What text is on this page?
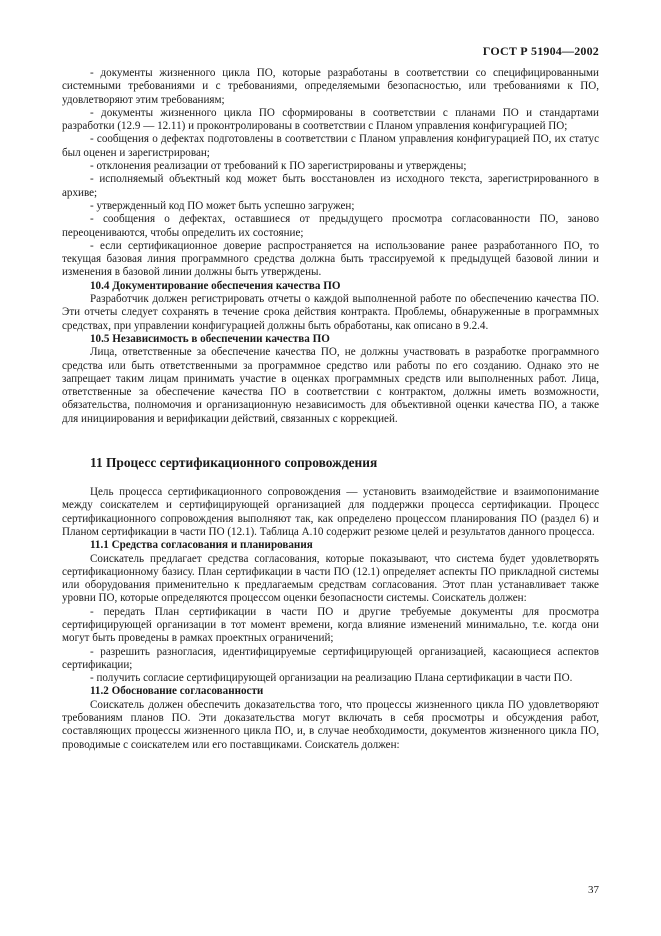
ГОСТ Р 51904—2002

- документы жизненного цикла ПО, которые разработаны в соответствии со специфицированными системными требованиями и с требованиями, определяемыми безопасностью, или требованиями к ПО, удовлетворяют этим требованиям;

- документы жизненного цикла ПО сформированы в соответствии с планами ПО и стандартами разработки (12.9 — 12.11) и проконтролированы в соответствии с Планом управления конфигурацией ПО;

- сообщения о дефектах подготовлены в соответствии с Планом управления конфигурацией ПО, их статус был оценен и зарегистрирован;

- отклонения реализации от требований к ПО зарегистрированы и утверждены;

- исполняемый объектный код может быть восстановлен из исходного текста, зарегистрированного в архиве;

- утвержденный код ПО может быть успешно загружен;

- сообщения о дефектах, оставшиеся от предыдущего просмотра согласованности ПО, заново переоцениваются, чтобы определить их состояние;

- если сертификационное доверие распространяется на использование ранее разработанного ПО, то текущая базовая линия программного средства должна быть трассируемой к предыдущей базовой линии и изменения в базовой линии должны быть утверждены.

10.4 Документирование обеспечения качества ПО

Разработчик должен регистрировать отчеты о каждой выполненной работе по обеспечению качества ПО. Эти отчеты следует сохранять в течение срока действия контракта. Проблемы, обнаруженные в программных средствах, при управлении конфигурацией должны быть обработаны, как описано в 9.2.4.

10.5 Независимость в обеспечении качества ПО

Лица, ответственные за обеспечение качества ПО, не должны участвовать в разработке программного средства или быть ответственными за программное средство или работы по его созданию. Однако это не запрещает таким лицам принимать участие в оценках программных средств или выполненных работ. Лица, ответственные за обеспечение качества ПО в соответствии с контрактом, должны иметь возможности, обязательства, полномочия и организационную независимость для объективной оценки качества ПО, а также для инициирования и верификации действий, связанных с коррекцией.

11 Процесс сертификационного сопровождения

Цель процесса сертификационного сопровождения — установить взаимодействие и взаимопонимание между соискателем и сертифицирующей организацией для поддержки процесса сертификации. Процесс сертификационного сопровождения выполняют так, как определено процессом планирования ПО (раздел 6) и Планом сертификации в части ПО (12.1). Таблица А.10 содержит резюме целей и результатов данного процесса.

11.1 Средства согласования и планирования

Соискатель предлагает средства согласования, которые показывают, что система будет удовлетворять сертификационному базису. План сертификации в части ПО (12.1) определяет аспекты ПО прикладной системы или оборудования применительно к предлагаемым средствам согласования. Этот план устанавливает также уровни ПО, которые определяются процессом оценки безопасности системы. Соискатель должен:

- передать План сертификации в части ПО и другие требуемые документы для просмотра сертифицирующей организации в тот момент времени, когда влияние изменений минимально, т.е. когда они могут быть проведены в рамках проектных ограничений;

- разрешить разногласия, идентифицируемые сертифицирующей организацией, касающиеся аспектов сертификации;

- получить согласие сертифицирующей организации на реализацию Плана сертификации в части ПО.

11.2 Обоснование согласованности

Соискатель должен обеспечить доказательства того, что процессы жизненного цикла ПО удовлетворяют требованиям планов ПО. Эти доказательства могут включать в себя просмотры и обсуждения работ, составляющих процессы жизненного цикла ПО, и, в случае необходимости, документов жизненного цикла ПО, проводимые с соискателем или его поставщиками. Соискатель должен:

37
